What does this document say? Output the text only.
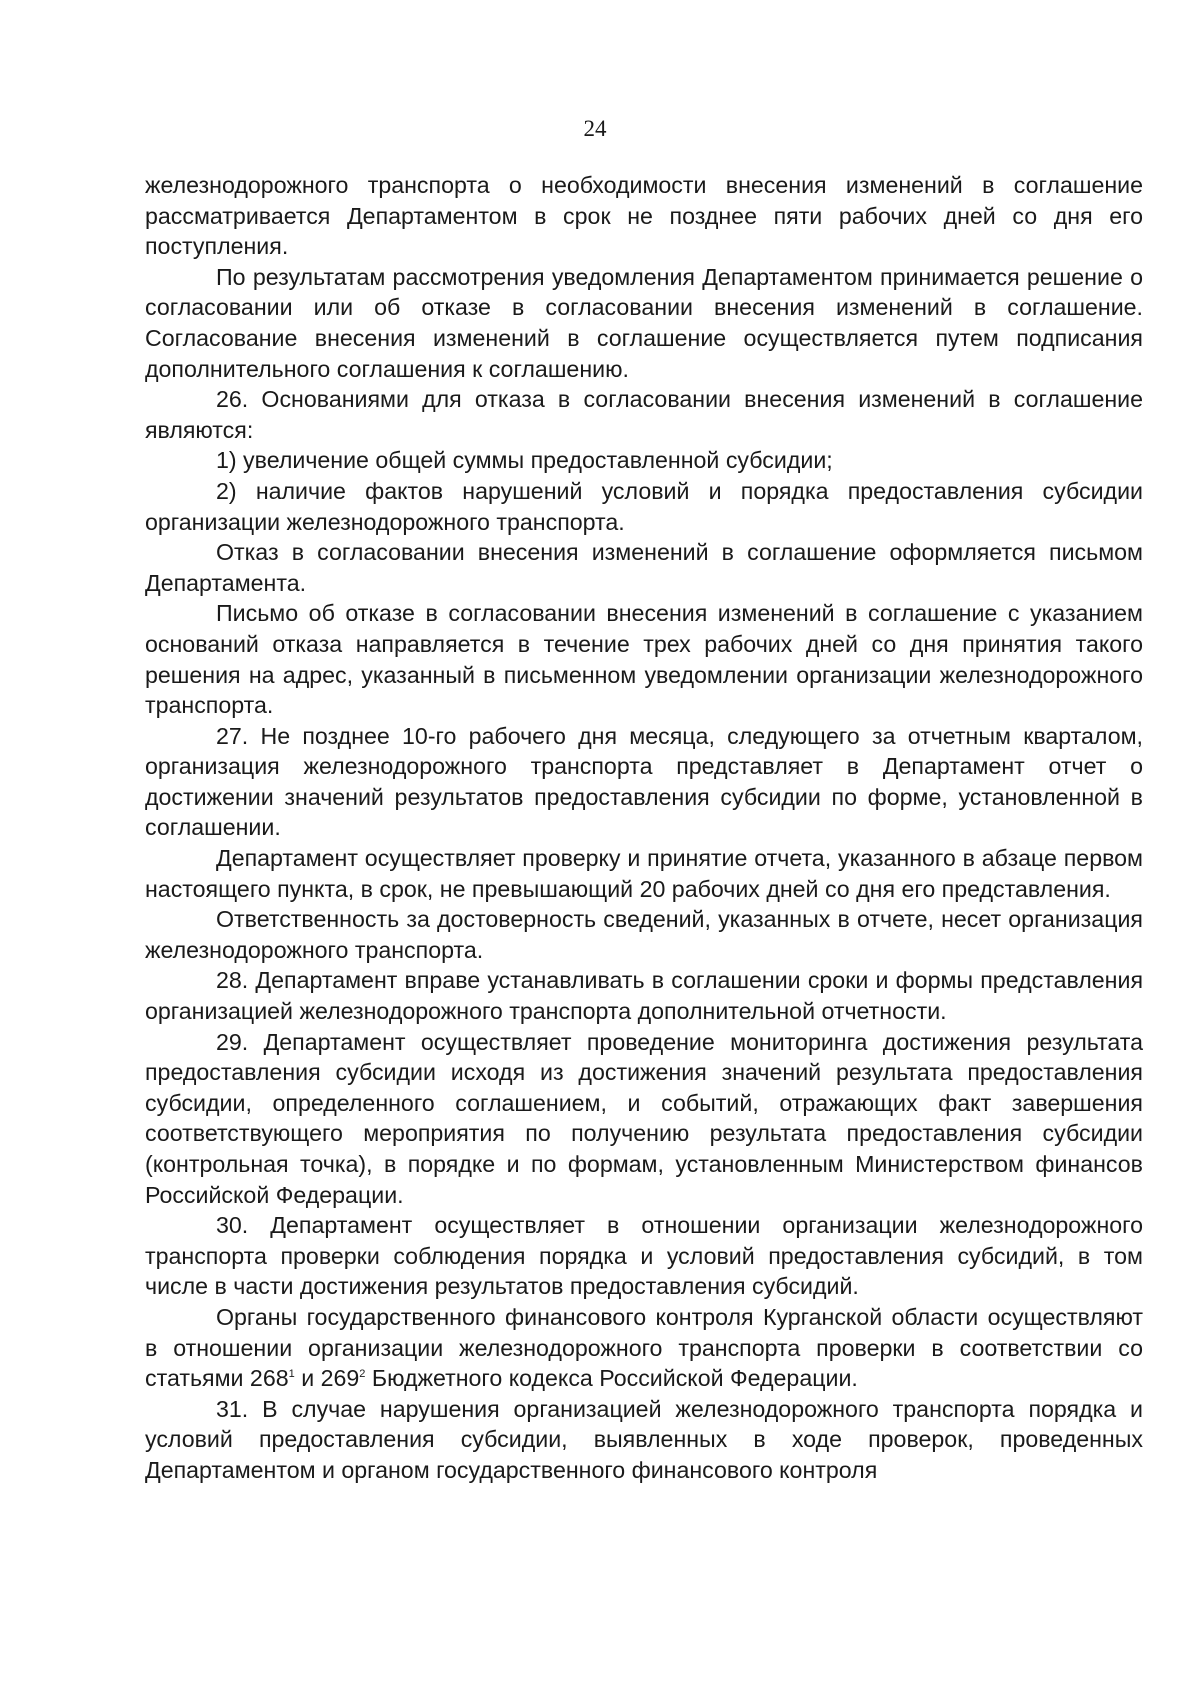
24

железнодорожного транспорта о необходимости внесения изменений в соглашение рассматривается Департаментом в срок не позднее пяти рабочих дней со дня его поступления.

По результатам рассмотрения уведомления Департаментом принимается решение о согласовании или об отказе в согласовании внесения изменений в соглашение. Согласование внесения изменений в соглашение осуществляется путем подписания дополнительного соглашения к соглашению.

26. Основаниями для отказа в согласовании внесения изменений в соглашение являются:

1) увеличение общей суммы предоставленной субсидии;

2) наличие фактов нарушений условий и порядка предоставления субсидии организации железнодорожного транспорта.

Отказ в согласовании внесения изменений в соглашение оформляется письмом Департамента.

Письмо об отказе в согласовании внесения изменений в соглашение с указанием оснований отказа направляется в течение трех рабочих дней со дня принятия такого решения на адрес, указанный в письменном уведомлении организации железнодорожного транспорта.

27. Не позднее 10-го рабочего дня месяца, следующего за отчетным кварталом, организация железнодорожного транспорта представляет в Департамент отчет о достижении значений результатов предоставления субсидии по форме, установленной в соглашении.

Департамент осуществляет проверку и принятие отчета, указанного в абзаце первом настоящего пункта, в срок, не превышающий 20 рабочих дней со дня его представления.

Ответственность за достоверность сведений, указанных в отчете, несет организация железнодорожного транспорта.

28. Департамент вправе устанавливать в соглашении сроки и формы представления организацией железнодорожного транспорта дополнительной отчетности.

29. Департамент осуществляет проведение мониторинга достижения результата предоставления субсидии исходя из достижения значений результата предоставления субсидии, определенного соглашением, и событий, отражающих факт завершения соответствующего мероприятия по получению результата предоставления субсидии (контрольная точка), в порядке и по формам, установленным Министерством финансов Российской Федерации.

30. Департамент осуществляет в отношении организации железнодорожного транспорта проверки соблюдения порядка и условий предоставления субсидий, в том числе в части достижения результатов предоставления субсидий.

Органы государственного финансового контроля Курганской области осуществляют в отношении организации железнодорожного транспорта проверки в соответствии со статьями $268^1$ и $269^2$ Бюджетного кодекса Российской Федерации.

31. В случае нарушения организацией железнодорожного транспорта порядка и условий предоставления субсидии, выявленных в ходе проверок, проведенных Департаментом и органом государственного финансового контроля
